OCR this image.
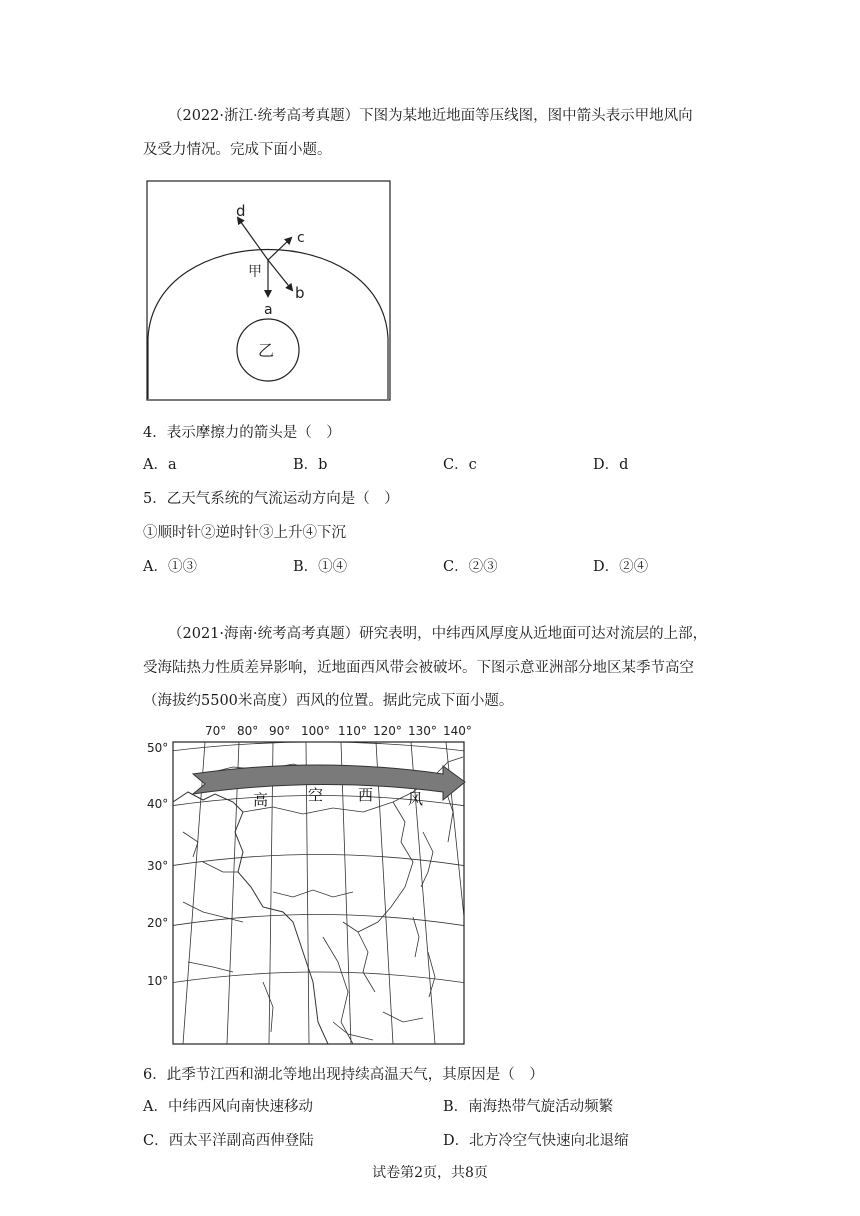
（2022·浙江·统考高考真题）下图为某地近地面等压线图，图中箭头表示甲地风向
及受力情况。完成下面小题。
d
c
b
a
甲
乙
4．表示摩擦力的箭头是（　）
A．a	B．b	C．c	D．d
5．乙天气系统的气流运动方向是（　）
①顺时针②逆时针③上升④下沉
A．①③	B．①④	C．②③	D．②④
（2021·海南·统考高考真题）研究表明，中纬西风厚度从近地面可达对流层的上部，
受海陆热力性质差异影响，近地面西风带会被破坏。下图示意亚洲部分地区某季节高空
（海拔约5500米高度）西风的位置。据此完成下面小题。
70° 80° 90° 100° 110° 120° 130° 140°
50°
40°
30°
20°
10°
高	空 西 风
6．此季节江西和湖北等地出现持续高温天气，其原因是（　）
A．中纬西风向南快速移动	B．南海热带气旋活动频繁
C．西太平洋副高西伸登陆	D．北方冷空气快速向北退缩
试卷第2页，共8页
